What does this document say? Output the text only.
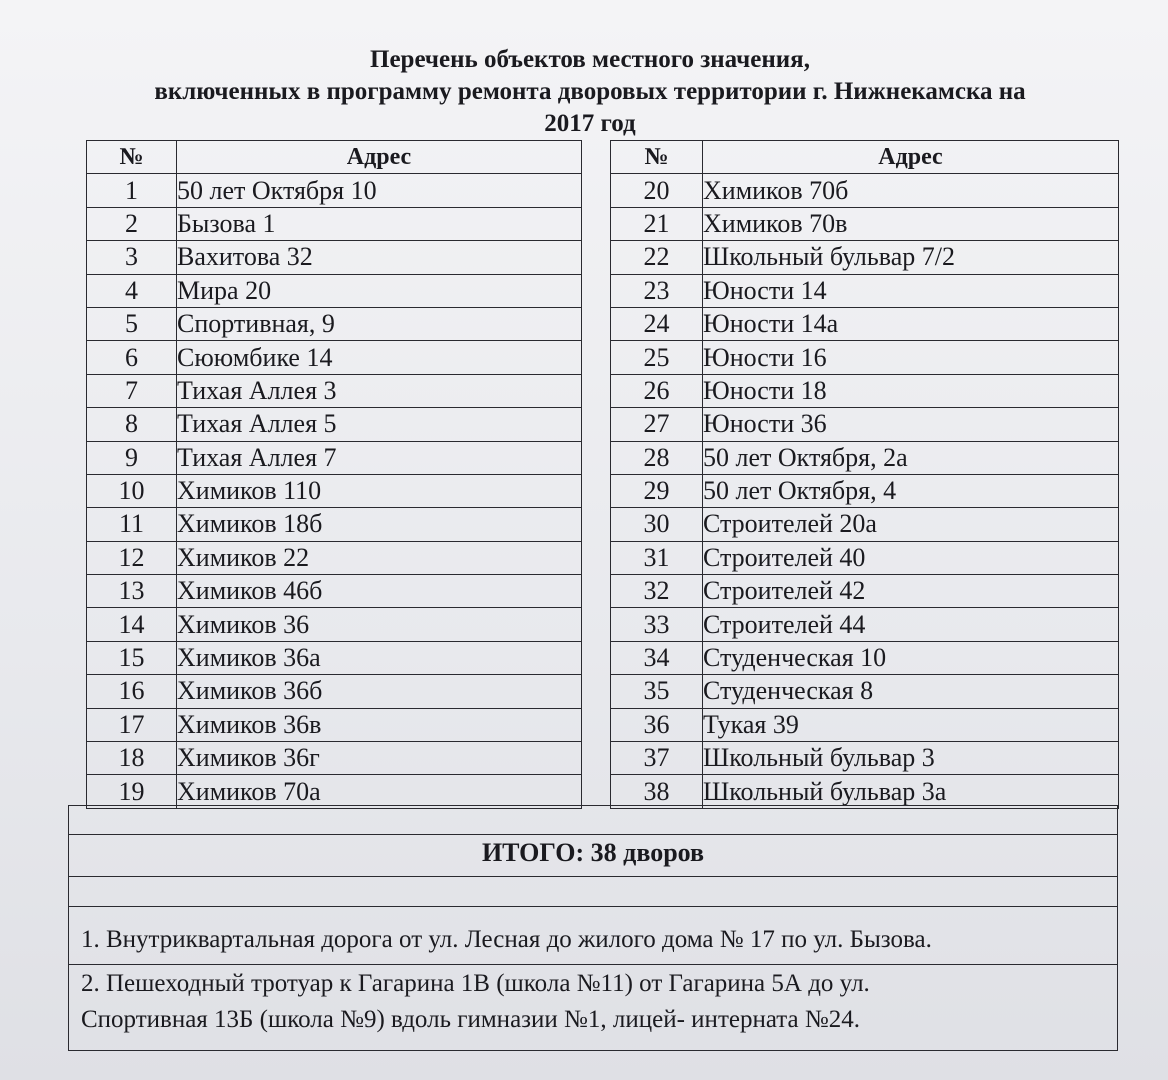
Перечень объектов местного значения,
включенных в программу ремонта дворовых территории г. Нижнекамска на
2017 год
№	Адрес
1	50 лет Октября 10
2	Бызова 1
3	Вахитова 32
4	Мира 20
5	Спортивная, 9
6	Сююмбике 14
7	Тихая Аллея 3
8	Тихая Аллея 5
9	Тихая Аллея 7
10	Химиков 110
11	Химиков 18б
12	Химиков 22
13	Химиков 46б
14	Химиков 36
15	Химиков 36а
16	Химиков 36б
17	Химиков 36в
18	Химиков 36г
19	Химиков 70а
№	Адрес
20	Химиков 70б
21	Химиков 70в
22	Школьный бульвар 7/2
23	Юности 14
24	Юности 14а
25	Юности 16
26	Юности 18
27	Юности 36
28	50 лет Октября, 2а
29	50 лет Октября, 4
30	Строителей 20а
31	Строителей 40
32	Строителей 42
33	Строителей 44
34	Студенческая 10
35	Студенческая 8
36	Тукая 39
37	Школьный бульвар 3
38	Школьный бульвар 3а
ИТОГО: 38 дворов
1. Внутриквартальная дорога от ул. Лесная до жилого дома № 17 по ул. Бызова.
2. Пешеходный тротуар к Гагарина 1В (школа №11) от Гагарина 5А до ул.
Спортивная 13Б (школа №9) вдоль гимназии №1, лицей- интерната №24.
